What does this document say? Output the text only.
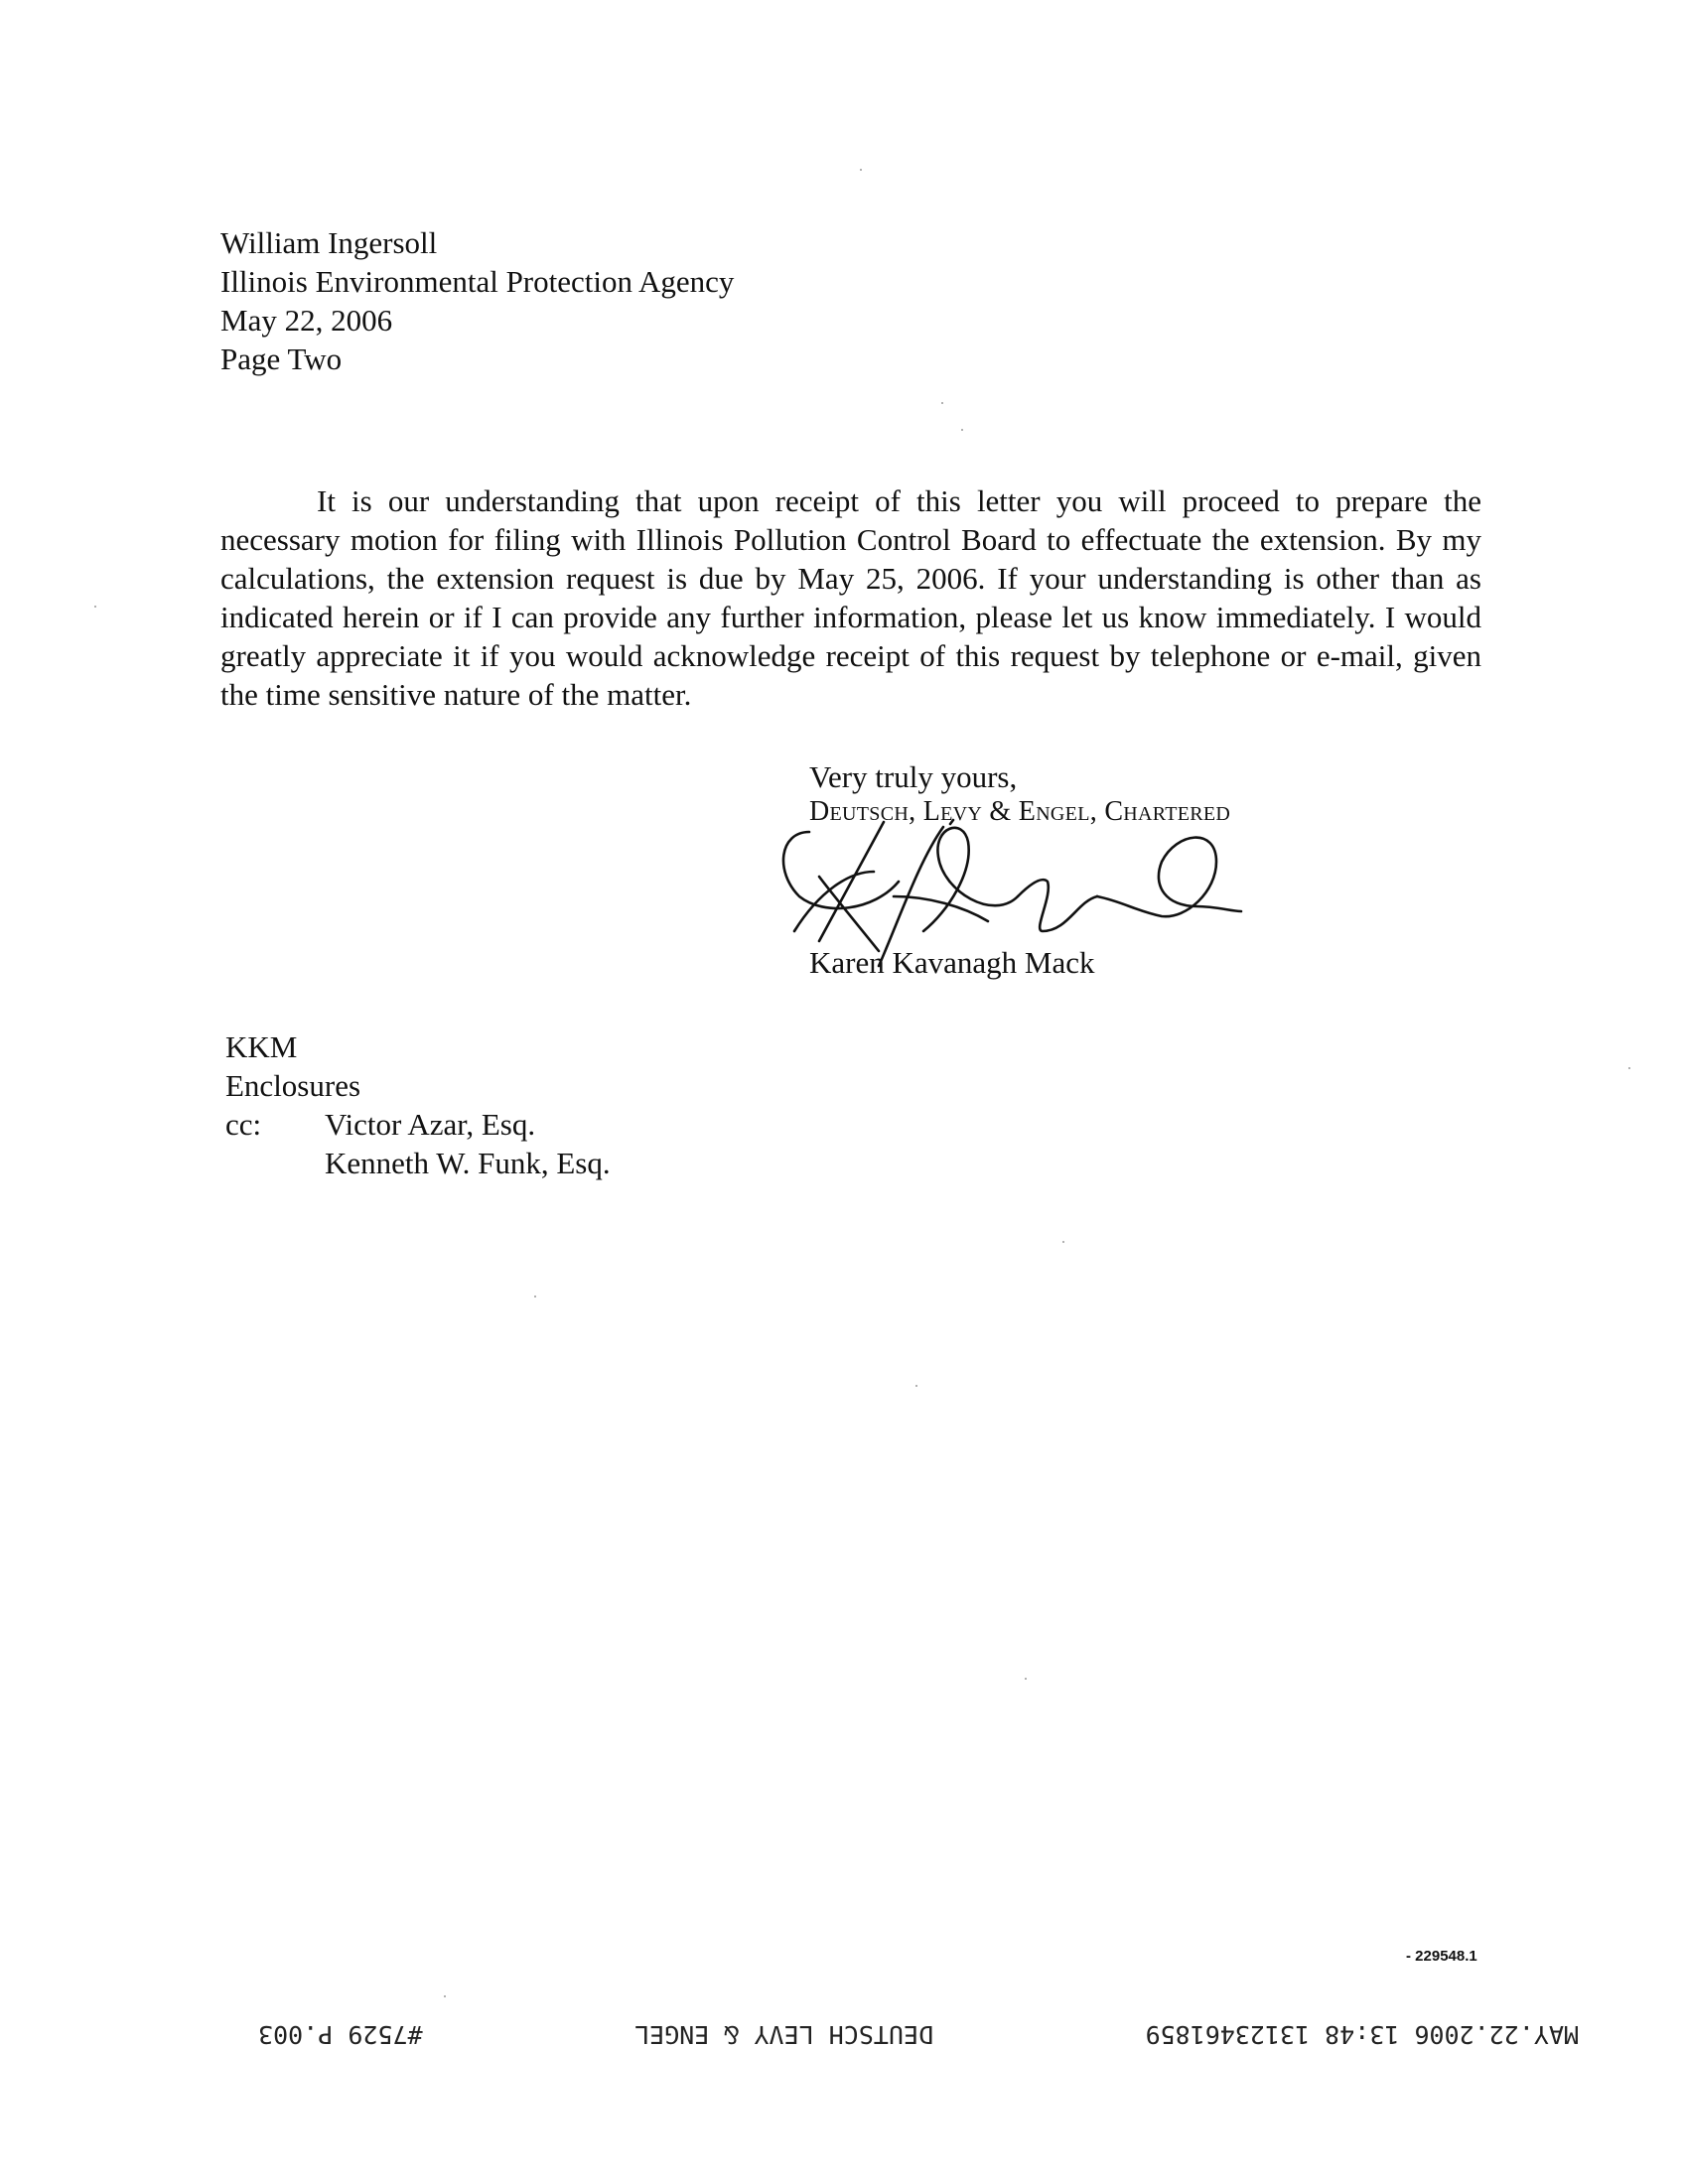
William Ingersoll
Illinois Environmental Protection Agency
May 22, 2006
Page Two
It is our understanding that upon receipt of this letter you will proceed to prepare the necessary motion for filing with Illinois Pollution Control Board to effectuate the extension. By my calculations, the extension request is due by May 25, 2006. If your understanding is other than as indicated herein or if I can provide any further information, please let us know immediately. I would greatly appreciate it if you would acknowledge receipt of this request by telephone or e-mail, given the time sensitive nature of the matter.
Very truly yours,
Deutsch, Levy & Engel, Chartered
Karen Kavanagh Mack
KKM
Enclosures
cc:	Victor Azar, Esq.
Kenneth W. Funk, Esq.
- 229548.1
MAY.22.2006 13:48 13123461859
DEUTSCH LEVY & ENGEL
#7529 P.003
